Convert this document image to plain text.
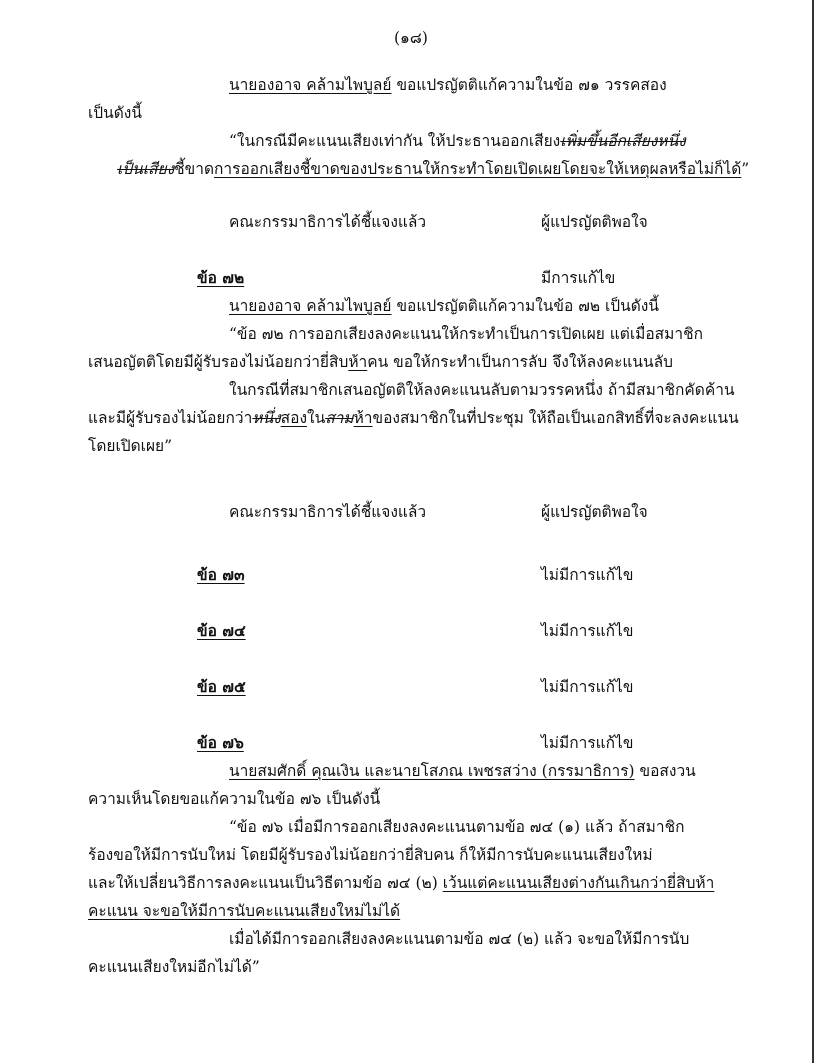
(๑๘)
นายองอาจ คล้ามไพบูลย์ ขอแปรญัตติแก้ความในข้อ ๗๑ วรรคสอง
เป็นดังนี้
“ในกรณีมีคะแนนเสียงเท่ากัน ให้ประธานออกเสียงเพิ่มขึ้นอีกเสียงหนึ่ง
เป็นเสียงชี้ขาดการออกเสียงชี้ขาดของประธานให้กระทำโดยเปิดเผยโดยจะให้เหตุผลหรือไม่ก็ได้”
คณะกรรมาธิการได้ชี้แจงแล้ว	ผู้แปรญัตติพอใจ
ข้อ ๗๒	มีการแก้ไข
นายองอาจ คล้ามไพบูลย์ ขอแปรญัตติแก้ความในข้อ ๗๒ เป็นดังนี้
“ข้อ ๗๒ การออกเสียงลงคะแนนให้กระทำเป็นการเปิดเผย แต่เมื่อสมาชิก
เสนอญัตติโดยมีผู้รับรองไม่น้อยกว่ายี่สิบห้าคน ขอให้กระทำเป็นการลับ จึงให้ลงคะแนนลับ
ในกรณีที่สมาชิกเสนอญัตติให้ลงคะแนนลับตามวรรคหนึ่ง ถ้ามีสมาชิกคัดค้าน
และมีผู้รับรองไม่น้อยกว่าหนึ่งสองในสามห้าของสมาชิกในที่ประชุม ให้ถือเป็นเอกสิทธิ์ที่จะลงคะแนน
โดยเปิดเผย”
คณะกรรมาธิการได้ชี้แจงแล้ว	ผู้แปรญัตติพอใจ
ข้อ ๗๓	ไม่มีการแก้ไข
ข้อ ๗๔	ไม่มีการแก้ไข
ข้อ ๗๕	ไม่มีการแก้ไข
ข้อ ๗๖	ไม่มีการแก้ไข
นายสมศักดิ์ คุณเงิน และนายโสภณ เพชรสว่าง (กรรมาธิการ) ขอสงวน
ความเห็นโดยขอแก้ความในข้อ ๗๖ เป็นดังนี้
“ข้อ ๗๖ เมื่อมีการออกเสียงลงคะแนนตามข้อ ๗๔ (๑) แล้ว ถ้าสมาชิก
ร้องขอให้มีการนับใหม่ โดยมีผู้รับรองไม่น้อยกว่ายี่สิบคน ก็ให้มีการนับคะแนนเสียงใหม่
และให้เปลี่ยนวิธีการลงคะแนนเป็นวิธีตามข้อ ๗๔ (๒) เว้นแต่คะแนนเสียงต่างกันเกินกว่ายี่สิบห้า
คะแนน จะขอให้มีการนับคะแนนเสียงใหม่ไม่ได้
เมื่อได้มีการออกเสียงลงคะแนนตามข้อ ๗๔ (๒) แล้ว จะขอให้มีการนับ
คะแนนเสียงใหม่อีกไม่ได้”
